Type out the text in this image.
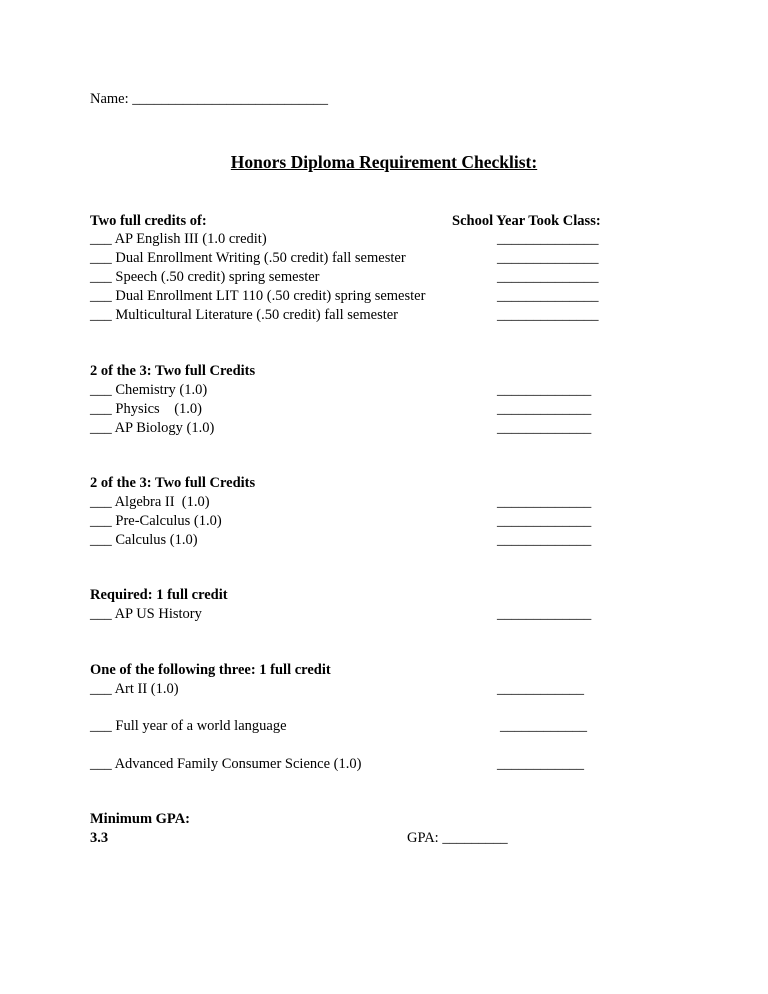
Name: ___________________________
Honors Diploma Requirement Checklist:
Two full credits of:	School Year Took Class:
___ AP English III (1.0 credit)	______________
___ Dual Enrollment Writing (.50 credit) fall semester	______________
___ Speech (.50 credit) spring semester	______________
___ Dual Enrollment LIT 110 (.50 credit) spring semester	______________
___ Multicultural Literature (.50 credit) fall semester	______________
2 of the 3: Two full Credits
___ Chemistry (1.0)	_____________
___ Physics    (1.0)	_____________
___ AP Biology (1.0)	_____________
2 of the 3: Two full Credits
___ Algebra II  (1.0)	_____________
___ Pre-Calculus (1.0)	_____________
___ Calculus (1.0)	_____________
Required: 1 full credit
___ AP US History	_____________
One of the following three: 1 full credit
___ Art II (1.0)	____________
___ Full year of a world language	____________
___ Advanced Family Consumer Science (1.0)	____________
Minimum GPA:
3.3	GPA: _________
